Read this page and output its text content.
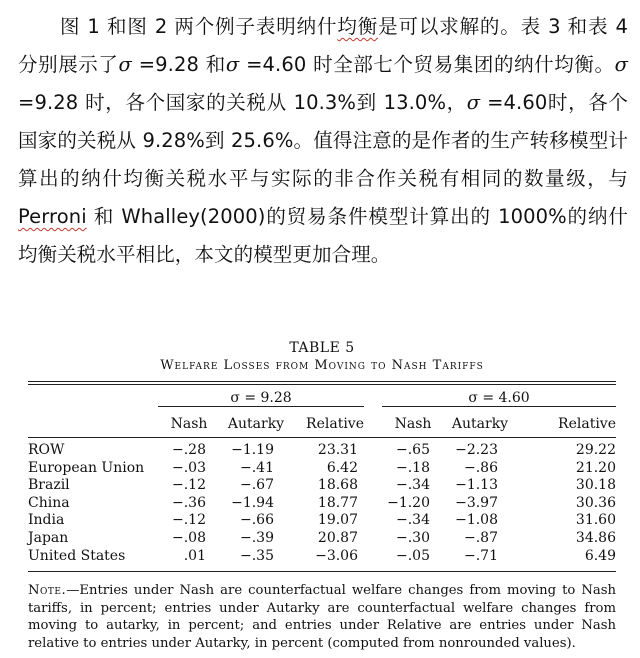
图 1 和图 2 两个例子表明纳什均衡是可以求解的。表 3 和表 4 分别展示了σ =9.28 和σ =4.60 时全部七个贸易集团的纳什均衡。σ =9.28 时，各个国家的关税从 10.3%到 13.0%，σ =4.60时，各个国家的关税从 9.28%到 25.6%。值得注意的是作者的生产转移模型计算出的纳什均衡关税水平与实际的非合作关税有相同的数量级，与 Perroni 和 Whalley(2000)的贸易条件模型计算出的 1000%的纳什均衡关税水平相比，本文的模型更加合理。
TABLE 5
Welfare Losses from Moving to Nash Tariffs

	σ = 9.28				σ = 4.60		

	Nash	Autarky	Relative		Nash	Autarky	Relative

ROW	−.28	−1.19	23.31		−.65	−2.23	29.22
European Union	−.03	−.41	6.42		−.18	−.86	21.20
Brazil	−.12	−.67	18.68		−.34	−1.13	30.18
China	−.36	−1.94	18.77		−1.20	−3.97	30.36
India	−.12	−.66	19.07		−.34	−1.08	31.60
Japan	−.08	−.39	20.87		−.30	−.87	34.86
United States	.01	−.35	−3.06		−.05	−.71	6.49

Note.—Entries under Nash are counterfactual welfare changes from moving to Nash tariffs, in percent; entries under Autarky are counterfactual welfare changes from moving to autarky, in percent; and entries under Relative are entries under Nash relative to entries under Autarky, in percent (computed from nonrounded values).
